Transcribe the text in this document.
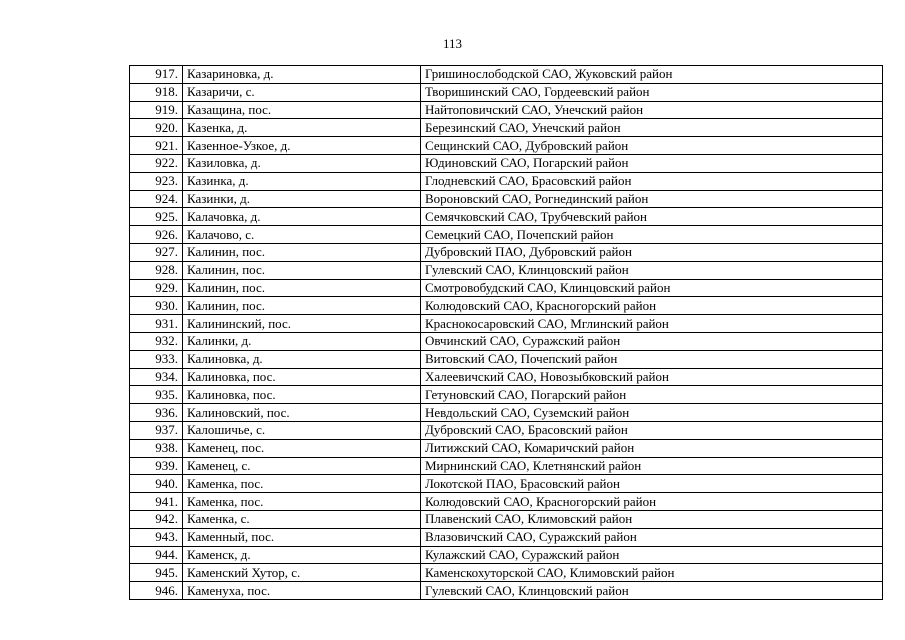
113
917.	Казариновка, д.	Гришинослободской САО, Жуковский район
918.	Казаричи, с.	Творишинский САО, Гордеевский район
919.	Казащина, пос.	Найтоповичский САО, Унечский район
920.	Казенка, д.	Березинский САО, Унечский район
921.	Казенное-Узкое, д.	Сещинский САО, Дубровский район
922.	Казиловка, д.	Юдиновский САО, Погарский район
923.	Казинка, д.	Глодневский САО, Брасовский район
924.	Казинки, д.	Вороновский САО, Рогнединский район
925.	Калачовка, д.	Семячковский САО, Трубчевский район
926.	Калачово, с.	Семецкий САО, Почепский район
927.	Калинин, пос.	Дубровский ПАО, Дубровский район
928.	Калинин, пос.	Гулевский САО, Клинцовский район
929.	Калинин, пос.	Смотровобудский САО, Клинцовский район
930.	Калинин, пос.	Колюдовский САО, Красногорский район
931.	Калининский, пос.	Краснокосаровский САО, Мглинский район
932.	Калинки, д.	Овчинский САО, Суражский район
933.	Калиновка, д.	Витовский САО, Почепский район
934.	Калиновка, пос.	Халеевичский САО, Новозыбковский район
935.	Калиновка, пос.	Гетуновский САО, Погарский район
936.	Калиновский, пос.	Невдольский САО, Суземский район
937.	Калошичье, с.	Дубровский САО, Брасовский район
938.	Каменец, пос.	Литижский САО, Комаричский район
939.	Каменец, с.	Мирнинский САО, Клетнянский район
940.	Каменка, пос.	Локотской ПАО, Брасовский район
941.	Каменка, пос.	Колюдовский САО, Красногорский район
942.	Каменка, с.	Плавенский САО, Климовский район
943.	Каменный, пос.	Влазовичский САО, Суражский район
944.	Каменск, д.	Кулажский САО, Суражский район
945.	Каменский Хутор, с.	Каменскохуторской САО, Климовский район
946.	Каменуха, пос.	Гулевский САО, Клинцовский район
